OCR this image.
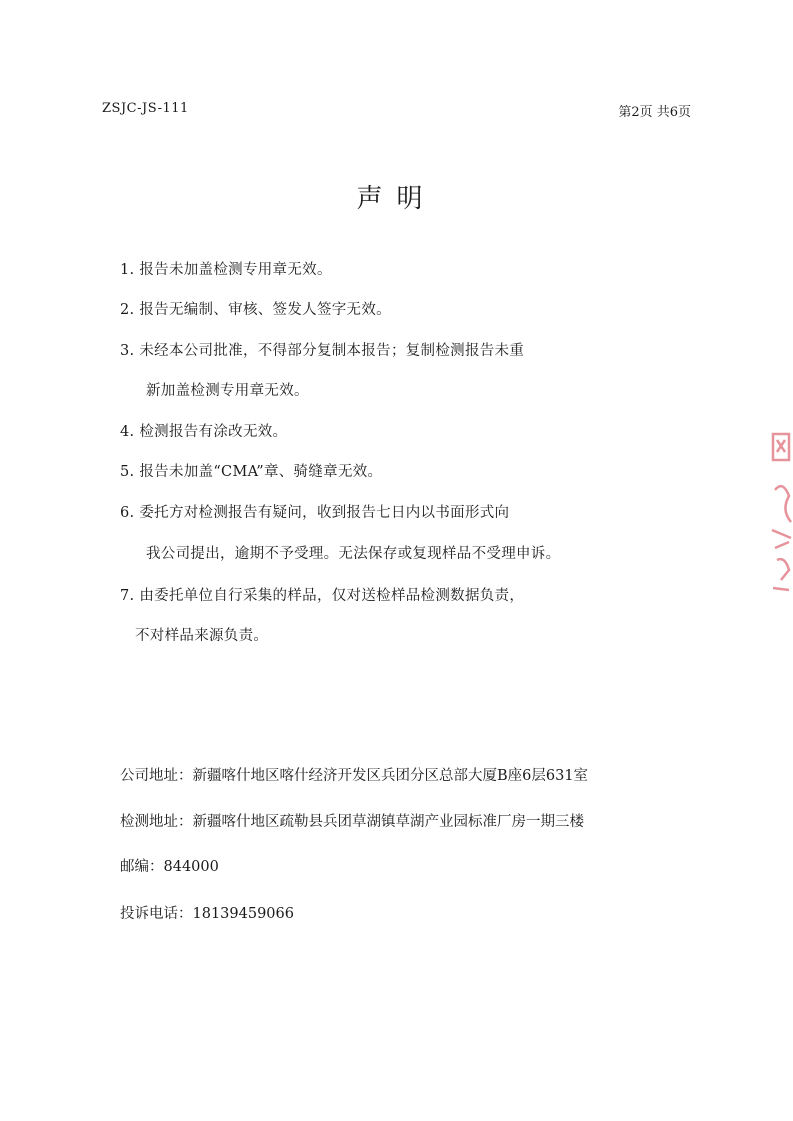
ZSJC-JS-111	第2页 共6页
声明
1. 报告未加盖检测专用章无效。
2. 报告无编制、审核、签发人签字无效。
3. 未经本公司批准，不得部分复制本报告；复制检测报告未重
新加盖检测专用章无效。
4. 检测报告有涂改无效。
5. 报告未加盖“CMA”章、骑缝章无效。
6. 委托方对检测报告有疑问，收到报告七日内以书面形式向
我公司提出，逾期不予受理。无法保存或复现样品不受理申诉。
7. 由委托单位自行采集的样品，仅对送检样品检测数据负责，
不对样品来源负责。
公司地址：新疆喀什地区喀什经济开发区兵团分区总部大厦B座6层631室
检测地址：新疆喀什地区疏勒县兵团草湖镇草湖产业园标准厂房一期三楼
邮编：844000
投诉电话：18139459066
